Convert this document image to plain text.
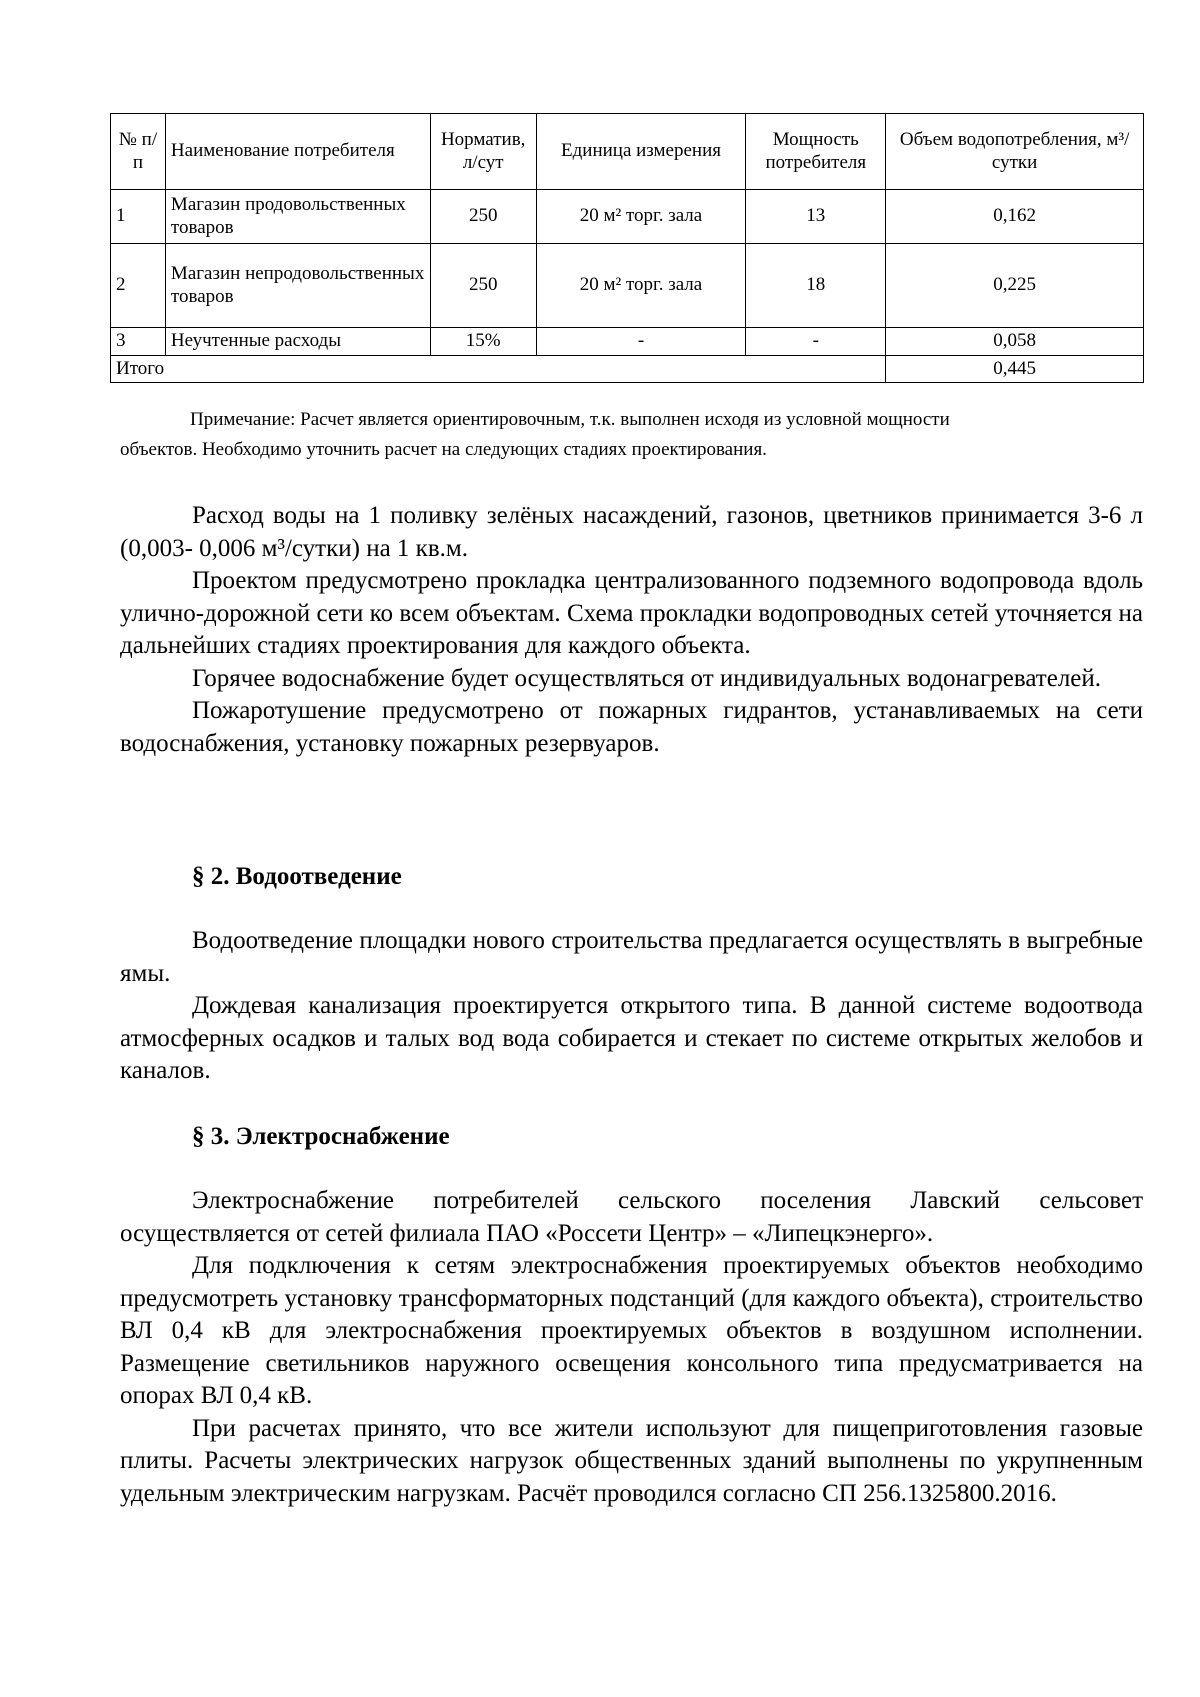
№ п/п	Наименование потребителя	Норматив, л/сут	Единица измерения	Мощность потребителя	Объем водопотребления, м³/сутки
1	Магазин продовольственных товаров	250	20 м² торг. зала	13	0,162
2	Магазин непродовольственных товаров	250	20 м² торг. зала	18	0,225
3	Неучтенные расходы	15%	-	-	0,058
Итого					0,445
Примечание: Расчет является ориентировочным, т.к. выполнен исходя из условной мощности
объектов. Необходимо уточнить расчет на следующих стадиях проектирования.

Расход воды на 1 поливку зелёных насаждений, газонов, цветников принимается 3-6 л (0,003- 0,006 м³/сутки) на 1 кв.м.

Проектом предусмотрено прокладка централизованного подземного водопровода вдоль улично-дорожной сети ко всем объектам. Схема прокладки водопроводных сетей уточняется на дальнейших стадиях проектирования для каждого объекта.

Горячее водоснабжение будет осуществляться от индивидуальных водонагревателей.

Пожаротушение предусмотрено от пожарных гидрантов, устанавливаемых на сети водоснабжения, установку пожарных резервуаров.

§ 2. Водоотведение

Водоотведение площадки нового строительства предлагается осуществлять в выгребные ямы.

Дождевая канализация проектируется открытого типа. В данной системе водоотвода атмосферных осадков и талых вод вода собирается и стекает по системе открытых желобов и каналов.

§ 3. Электроснабжение

Электроснабжение потребителей сельского поселения Лавский сельсовет осуществляется от сетей филиала ПАО «Россети Центр» – «Липецкэнерго».

Для подключения к сетям электроснабжения проектируемых объектов необходимо предусмотреть установку трансформаторных подстанций (для каждого объекта), строительство ВЛ 0,4 кВ для электроснабжения проектируемых объектов в воздушном исполнении. Размещение светильников наружного освещения консольного типа предусматривается на опорах ВЛ 0,4 кВ.

При расчетах принято, что все жители используют для пищеприготовления газовые плиты. Расчеты электрических нагрузок общественных зданий выполнены по укрупненным удельным электрическим нагрузкам. Расчёт проводился согласно СП 256.1325800.2016.
